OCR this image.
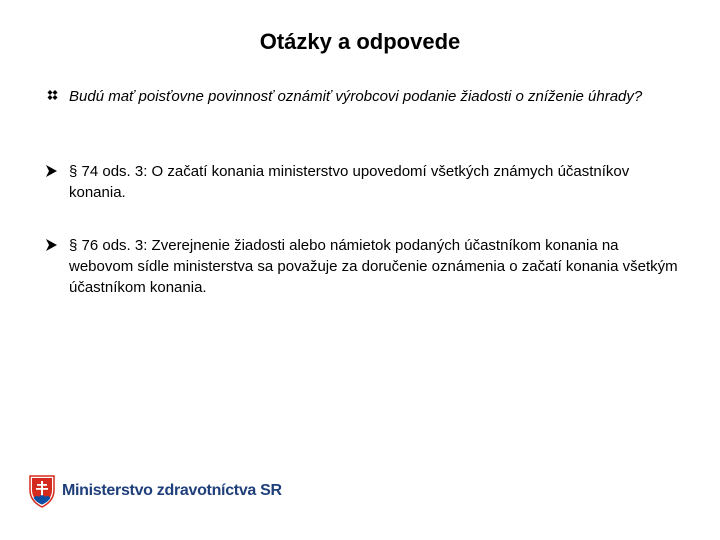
Otázky a odpovede
Budú mať poisťovne povinnosť oznámiť výrobcovi podanie žiadosti o zníženie úhrady?
§ 74 ods. 3: O začatí konania ministerstvo upovedomí všetkých známych účastníkov konania.
§ 76 ods. 3: Zverejnenie žiadosti alebo námietok podaných účastníkom konania na webovom sídle ministerstva sa považuje za doručenie oznámenia o začatí konania všetkým účastníkom konania.
Ministerstvo zdravotníctva SR
